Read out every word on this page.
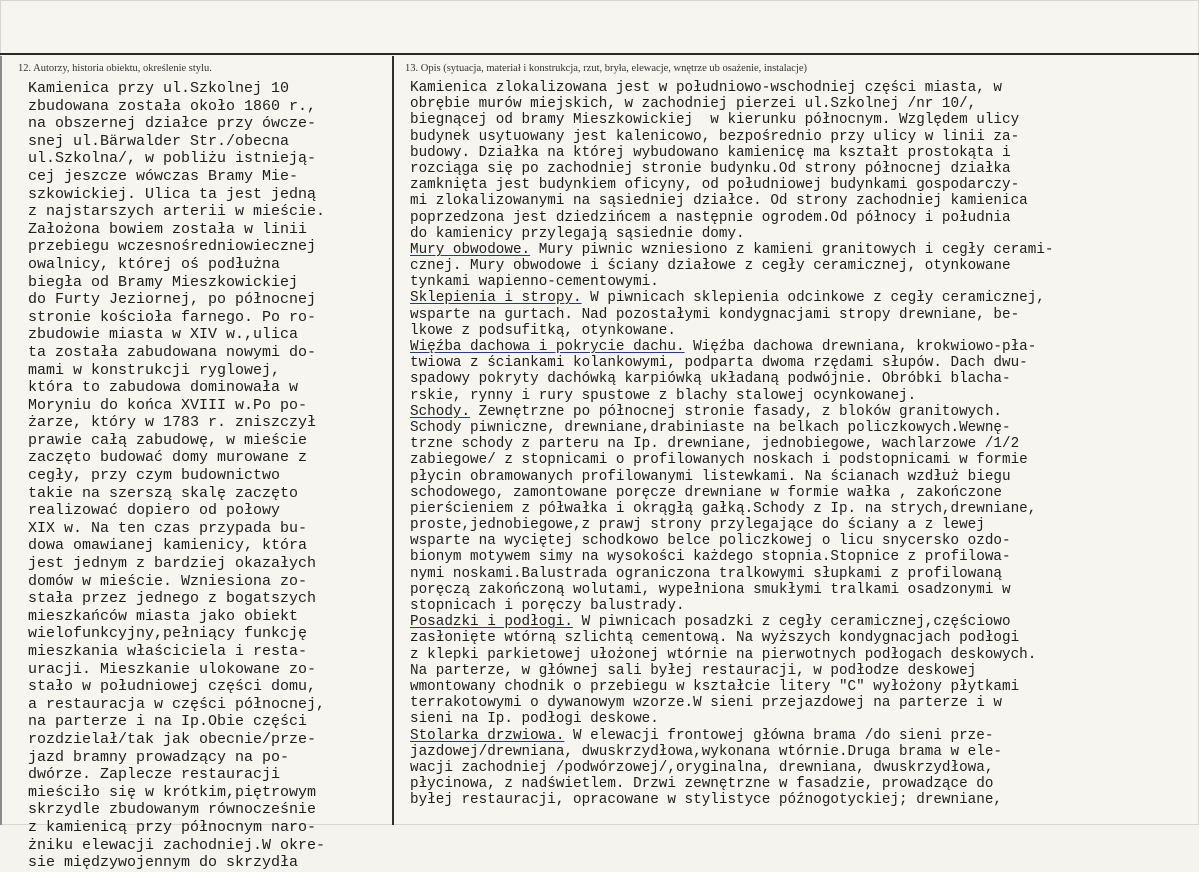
12. Autorzy, historia obiektu, określenie stylu.	13. Opis (sytuacja, materiał i konstrukcja, rzut, bryła, elewacje, wnętrze ub osażenie, instalacje)
Kamienica przy ul.Szkolnej 10
zbudowana została około 1860 r.,
na obszernej działce przy ówcze-
snej ul.Bärwalder Str./obecna
ul.Szkolna/, w pobliżu istnieją-
cej jeszcze wówczas Bramy Mie-
szkowickiej. Ulica ta jest jedną
z najstarszych arterii w mieście.
Założona bowiem została w linii
przebiegu wczesnośredniowiecznej
owalnicy, której oś podłużna
biegła od Bramy Mieszkowickiej
do Furty Jeziornej, po północnej
stronie kościoła farnego. Po ro-
zbudowie miasta w XIV w.,ulica
ta została zabudowana nowymi do-
mami w konstrukcji ryglowej,
która to zabudowa dominowała w
Moryniu do końca XVIII w.Po po-
żarze, który w 1783 r. zniszczył
prawie całą zabudowę, w mieście
zaczęto budować domy murowane z
cegły, przy czym budownictwo
takie na szerszą skalę zaczęto
realizować dopiero od połowy
XIX w. Na ten czas przypada bu-
dowa omawianej kamienicy, która
jest jednym z bardziej okazałych
domów w mieście. Wzniesiona zo-
stała przez jednego z bogatszych
mieszkańców miasta jako obiekt
wielofunkcyjny,pełniący funkcję
mieszkania właściciela i resta-
uracji. Mieszkanie ulokowane zo-
stało w południowej części domu,
a restauracja w części północnej,
na parterze i na Ip.Obie części
rozdzielał/tak jak obecnie/prze-
jazd bramny prowadzący na po-
dwórze. Zaplecze restauracji
mieściło się w krótkim,piętrowym
skrzydle zbudowanym równocześnie
z kamienicą przy północnym naro-
żniku elewacji zachodniej.W okre-
sie międzywojennym do skrzydła
Kamienica zlokalizowana jest w południowo-wschodniej części miasta, w
obrębie murów miejskich, w zachodniej pierzei ul.Szkolnej /nr 10/,
biegnącej od bramy Mieszkowickiej  w kierunku północnym. Względem ulicy
budynek usytuowany jest kalenicowo, bezpośrednio przy ulicy w linii za-
budowy. Działka na której wybudowano kamienicę ma kształt prostokąta i
rozciąga się po zachodniej stronie budynku.Od strony północnej działka
zamknięta jest budynkiem oficyny, od południowej budynkami gospodarczy-
mi zlokalizowanymi na sąsiedniej działce. Od strony zachodniej kamienica
poprzedzona jest dziedzińcem a następnie ogrodem.Od północy i południa
do kamienicy przylegają sąsiednie domy.
Mury obwodowe. Mury piwnic wzniesiono z kamieni granitowych i cegły cerami-
cznej. Mury obwodowe i ściany działowe z cegły ceramicznej, otynkowane
tynkami wapienno-cementowymi.
Sklepienia i stropy. W piwnicach sklepienia odcinkowe z cegły ceramicznej,
wsparte na gurtach. Nad pozostałymi kondygnacjami stropy drewniane, be-
lkowe z podsufitką, otynkowane.
Więźba dachowa i pokrycie dachu. Więźba dachowa drewniana, krokwiowo-pła-
twiowa z ściankami kolankowymi, podparta dwoma rzędami słupów. Dach dwu-
spadowy pokryty dachówką karpiówką układaną podwójnie. Obróbki blacha-
rskie, rynny i rury spustowe z blachy stalowej ocynkowanej.
Schody. Zewnętrzne po północnej stronie fasady, z bloków granitowych.
Schody piwniczne, drewniane,drabiniaste na belkach policzkowych.Wewnę-
trzne schody z parteru na Ip. drewniane, jednobiegowe, wachlarzowe /1/2
zabiegowe/ z stopnicami o profilowanych noskach i podstopnicami w formie
płycin obramowanych profilowanymi listewkami. Na ścianach wzdłuż biegu
schodowego, zamontowane poręcze drewniane w formie wałka , zakończone
pierścieniem z półwałka i okrągłą gałką.Schody z Ip. na strych,drewniane,
proste,jednobiegowe,z prawj strony przylegające do ściany a z lewej
wsparte na wyciętej schodkowo belce policzkowej o licu snycersko ozdo-
bionym motywem simy na wysokości każdego stopnia.Stopnice z profilowa-
nymi noskami.Balustrada ograniczona tralkowymi słupkami z profilowaną
poręczą zakończoną wolutami, wypełniona smukłymi tralkami osadzonymi w
stopnicach i poręczy balustrady.
Posadzki i podłogi. W piwnicach posadzki z cegły ceramicznej,częściowo
zasłonięte wtórną szlichtą cementową. Na wyższych kondygnacjach podłogi
z klepki parkietowej ułożonej wtórnie na pierwotnych podłogach deskowych.
Na parterze, w głównej sali byłej restauracji, w podłodze deskowej
wmontowany chodnik o przebiegu w kształcie litery "C" wyłożony płytkami
terrakotowymi o dywanowym wzorze.W sieni przejazdowej na parterze i w
sieni na Ip. podłogi deskowe.
Stolarka drzwiowa. W elewacji frontowej główna brama /do sieni prze-
jazdowej/drewniana, dwuskrzydłowa,wykonana wtórnie.Druga brama w ele-
wacji zachodniej /podwórzowej/,oryginalna, drewniana, dwuskrzydłowa,
płycinowa, z nadświetlem. Drzwi zewnętrzne w fasadzie, prowadzące do
byłej restauracji, opracowane w stylistyce późnogotyckiej; drewniane,
